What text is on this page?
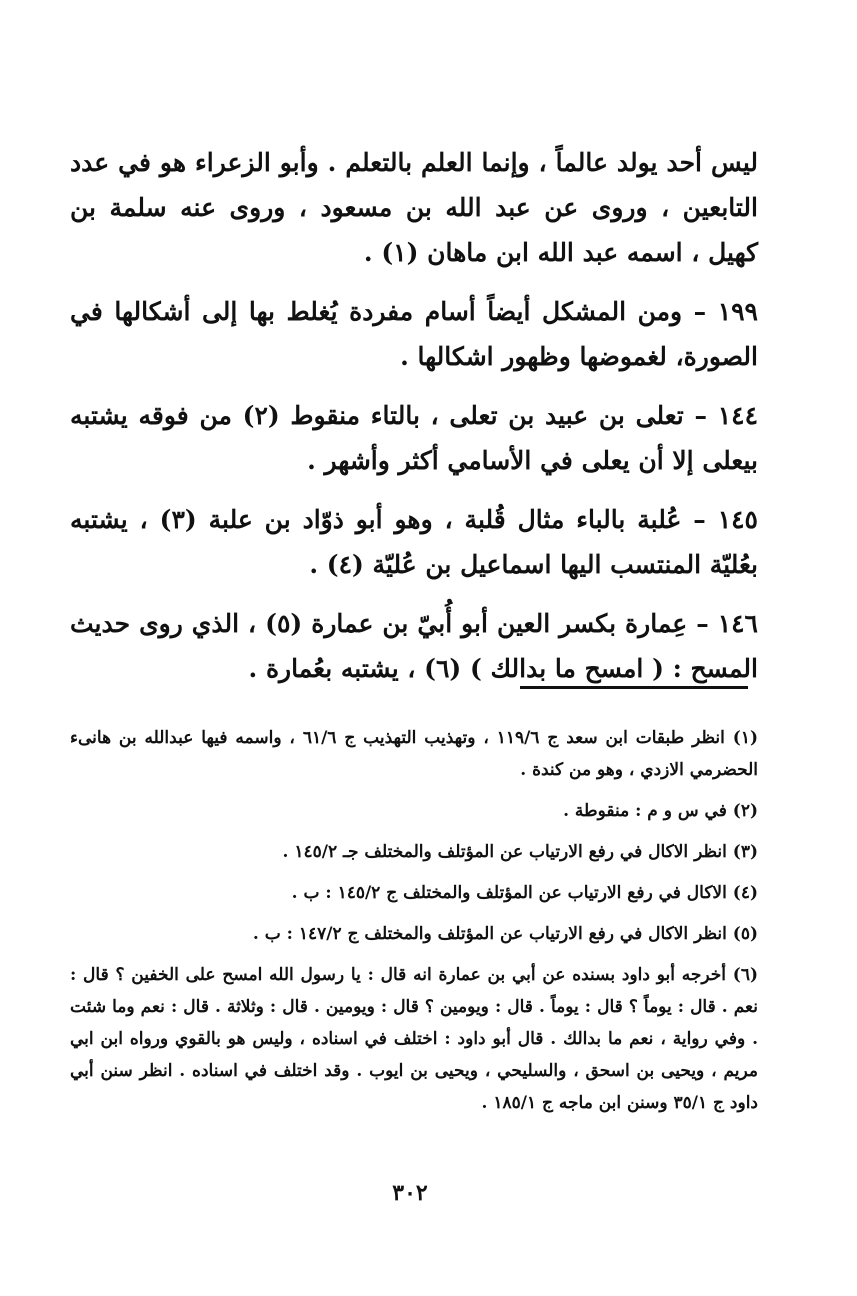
ليس أحد يولد عالماً ، وإنما العلم بالتعلم . وأبو الزعراء هو في عدد التابعين ، وروى عن عبد الله بن مسعود ، وروى عنه سلمة بن كهيل ، اسمه عبد الله ابن ماهان (١) .

١٩٩ – ومن المشكل أيضاً أسام مفردة يُغلط بها إلى أشكالها في الصورة، لغموضها وظهور اشكالها .

١٤٤ – تعلى بن عبيد بن تعلى ، بالتاء منقوط (٢) من فوقه يشتبه بيعلى إلا أن يعلى في الأسامي أكثر وأشهر .

١٤٥ – عُلبة بالباء مثال قُلبة ، وهو أبو ذوّاد بن علبة (٣) ، يشتبه بعُليّة المنتسب اليها اسماعيل بن عُليّة (٤) .

١٤٦ – عِمارة بكسر العين أبو أُبيّ بن عمارة (٥) ، الذي روى حديث المسح : ( امسح ما بدالك ) (٦) ، يشتبه بعُمارة .

(١) انظر طبقات ابن سعد ج ١١٩/٦ ، وتهذيب التهذيب ج ٦١/٦ ، واسمه فيها عبدالله بن هانىء الحضرمي الازدي ، وهو من كندة .

(٢) في س و م : منقوطة .

(٣) انظر الاكال في رفع الارتياب عن المؤتلف والمختلف جـ ١٤٥/٢ .

(٤) الاكال في رفع الارتياب عن المؤتلف والمختلف ج ١٤٥/٢ : ب .

(٥) انظر الاكال في رفع الارتياب عن المؤتلف والمختلف ج ١٤٧/٢ : ب .

(٦) أخرجه أبو داود بسنده عن أبي بن عمارة انه قال : يا رسول الله امسح على الخفين ؟ قال : نعم . قال : يوماً ؟ قال : يوماً . قال : ويومين ؟ قال : ويومين . قال : وثلاثة . قال : نعم وما شئت . وفي رواية ، نعم ما بدالك . قال أبو داود : اختلف في اسناده ، وليس هو بالقوي ورواه ابن ابي مريم ، ويحيى بن اسحق ، والسليحي ، ويحيى بن ايوب . وقد اختلف في اسناده . انظر سنن أبي داود ج ٣٥/١ وسنن ابن ماجه ج ١٨٥/١ .

٣٠٢
